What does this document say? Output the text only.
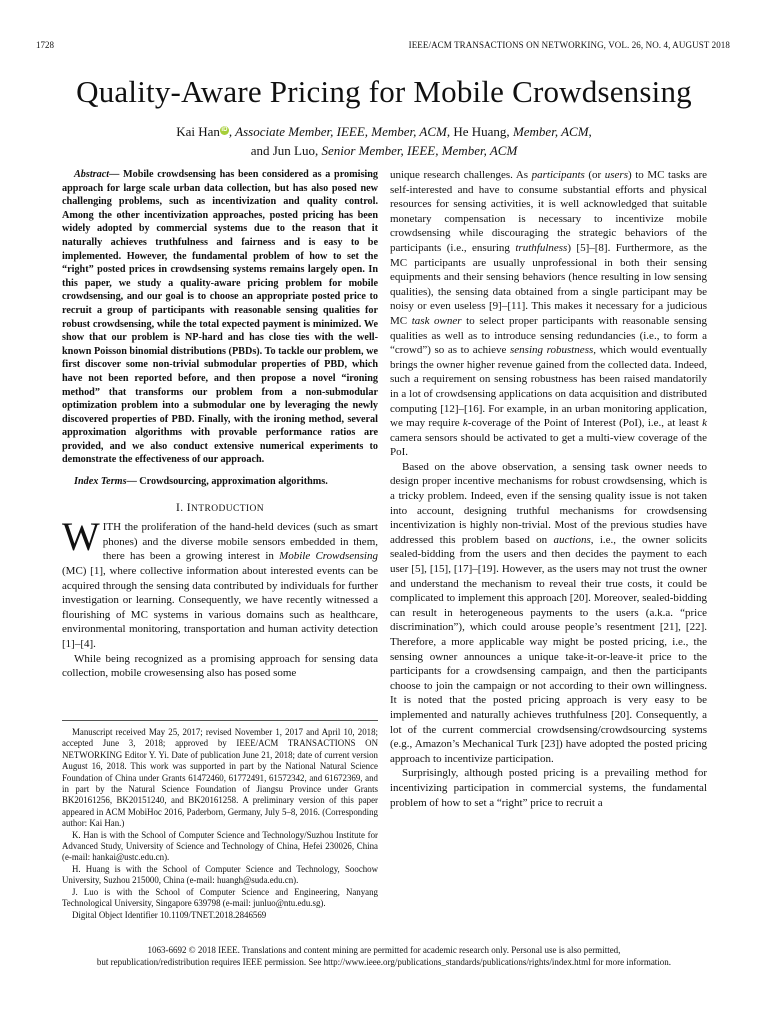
1728	IEEE/ACM TRANSACTIONS ON NETWORKING, VOL. 26, NO. 4, AUGUST 2018
Quality-Aware Pricing for Mobile Crowdsensing
Kai Han iD , Associate Member, IEEE, Member, ACM, He Huang, Member, ACM,
and Jun Luo, Senior Member, IEEE, Member, ACM

Abstract— Mobile crowdsensing has been considered as a promising approach for large scale urban data collection, but has also posed new challenging problems, such as incentivization and quality control. Among the other incentivization approaches, posted pricing has been widely adopted by commercial systems due to the reason that it naturally achieves truthfulness and fairness and is easy to be implemented. However, the fundamental problem of how to set the “right” posted prices in crowdsensing systems remains largely open. In this paper, we study a quality-aware pricing problem for mobile crowdsensing, and our goal is to choose an appropriate posted price to recruit a group of participants with reasonable sensing qualities for robust crowdsensing, while the total expected payment is minimized. We show that our problem is NP-hard and has close ties with the well-known Poisson binomial distributions (PBDs). To tackle our problem, we first discover some non-trivial submodular properties of PBD, which have not been reported before, and then propose a novel “ironing method” that transforms our problem from a non-submodular optimization problem into a submodular one by leveraging the newly discovered properties of PBD. Finally, with the ironing method, several approximation algorithms with provable performance ratios are provided, and we also conduct extensive numerical experiments to demonstrate the effectiveness of our approach.

Index Terms— Crowdsourcing, approximation algorithms.

I. INTRODUCTION

WITH the proliferation of the hand-held devices (such as smart phones) and the diverse mobile sensors embedded in them, there has been a growing interest in Mobile Crowdsensing (MC) [1], where collective information about interested events can be acquired through the sensing data contributed by individuals for further investigation or learning. Consequently, we have recently witnessed a flourishing of MC systems in various domains such as healthcare, environmental monitoring, transportation and human activity detection [1]–[4].

While being recognized as a promising approach for sensing data collection, mobile crowesensing also has posed some

Manuscript received May 25, 2017; revised November 1, 2017 and April 10, 2018; accepted June 3, 2018; approved by IEEE/ACM TRANSACTIONS ON NETWORKING Editor Y. Yi. Date of publication June 21, 2018; date of current version August 16, 2018. This work was supported in part by the National Natural Science Foundation of China under Grants 61472460, 61772491, 61572342, and 61672369, and in part by the Natural Science Foundation of Jiangsu Province under Grants BK20161256, BK20151240, and BK20161258. A preliminary version of this paper appeared in ACM MobiHoc 2016, Paderborn, Germany, July 5–8, 2016. (Corresponding author: Kai Han.)

K. Han is with the School of Computer Science and Technology/Suzhou Institute for Advanced Study, University of Science and Technology of China, Hefei 230026, China (e-mail: hankai@ustc.edu.cn).

H. Huang is with the School of Computer Science and Technology, Soochow University, Suzhou 215000, China (e-mail: huangh@suda.edu.cn).

J. Luo is with the School of Computer Science and Engineering, Nanyang Technological University, Singapore 639798 (e-mail: junluo@ntu.edu.sg).

Digital Object Identifier 10.1109/TNET.2018.2846569

unique research challenges. As participants (or users) to MC tasks are self-interested and have to consume substantial efforts and physical resources for sensing activities, it is well acknowledged that suitable monetary compensation is necessary to incentivize mobile crowdsensing while discouraging the strategic behaviors of the participants (i.e., ensuring truthfulness) [5]–[8]. Furthermore, as the MC participants are usually unprofessional in both their sensing equipments and their sensing behaviors (hence resulting in low sensing qualities), the sensing data obtained from a single participant may be noisy or even useless [9]–[11]. This makes it necessary for a judicious MC task owner to select proper participants with reasonable sensing qualities as well as to introduce sensing redundancies (i.e., to form a “crowd”) so as to achieve sensing robustness, which would eventually brings the owner higher revenue gained from the collected data. Indeed, such a requirement on sensing robustness has been raised mandatorily in a lot of crowdsensing applications on data acquisition and distributed computing [12]–[16]. For example, in an urban monitoring application, we may require k-coverage of the Point of Interest (PoI), i.e., at least k camera sensors should be activated to get a multi-view coverage of the PoI.

Based on the above observation, a sensing task owner needs to design proper incentive mechanisms for robust crowdsensing, which is a tricky problem. Indeed, even if the sensing quality issue is not taken into account, designing truthful mechanisms for crowdsensing incentivization is highly non-trivial. Most of the previous studies have addressed this problem based on auctions, i.e., the owner solicits sealed-bidding from the users and then decides the payment to each user [5], [15], [17]–[19]. However, as the users may not trust the owner and understand the mechanism to reveal their true costs, it could be complicated to implement this approach [20]. Moreover, sealed-bidding can result in heterogeneous payments to the users (a.k.a. “price discrimination”), which could arouse people’s resentment [21], [22]. Therefore, a more applicable way might be posted pricing, i.e., the sensing owner announces a unique take-it-or-leave-it price to the participants for a crowdsensing campaign, and then the participants choose to join the campaign or not according to their own willingness. It is noted that the posted pricing approach is very easy to be implemented and naturally achieves truthfulness [20]. Consequently, a lot of the current commercial crowdsensing/crowdsourcing systems (e.g., Amazon’s Mechanical Turk [23]) have adopted the posted pricing approach to incentivize participation.

Surprisingly, although posted pricing is a prevailing method for incentivizing participation in commercial systems, the fundamental problem of how to set a “right” price to recruit a

1063-6692 © 2018 IEEE. Translations and content mining are permitted for academic research only. Personal use is also permitted,
but republication/redistribution requires IEEE permission. See http://www.ieee.org/publications_standards/publications/rights/index.html for more information.
